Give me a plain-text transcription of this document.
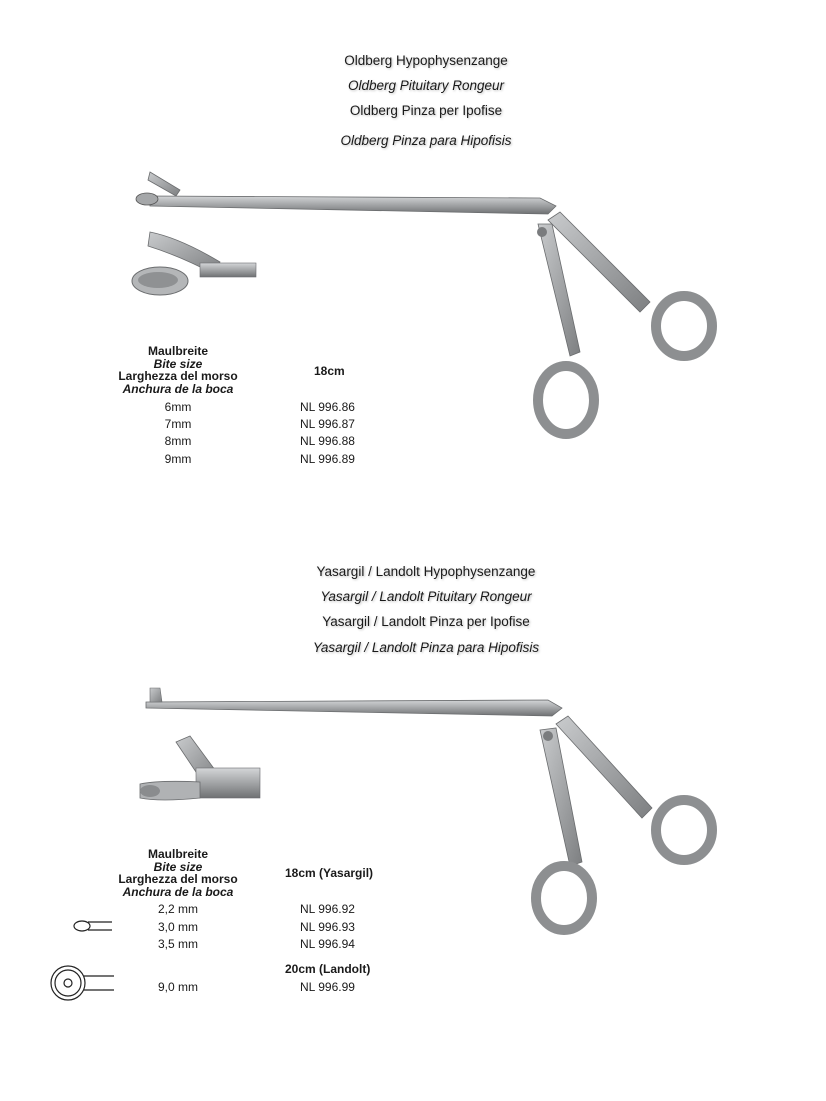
Oldberg Hypophysenzange
Oldberg Pituitary Rongeur
Oldberg Pinza per Ipofise
Oldberg Pinza para Hipofisis
Maulbreite
Bite size
Larghezza del morso
Anchura de la boca
18cm
6mm	NL 996.86
7mm	NL 996.87
8mm	NL 996.88
9mm	NL 996.89
Yasargil / Landolt Hypophysenzange
Yasargil / Landolt Pituitary Rongeur
Yasargil / Landolt Pinza per Ipofise
Yasargil / Landolt Pinza para Hipofisis
Maulbreite
Bite size
Larghezza del morso
Anchura de la boca
18cm (Yasargil)
2,2 mm	NL 996.92
3,0 mm	NL 996.93
3,5 mm	NL 996.94
20cm (Landolt)
9,0 mm	NL 996.99
